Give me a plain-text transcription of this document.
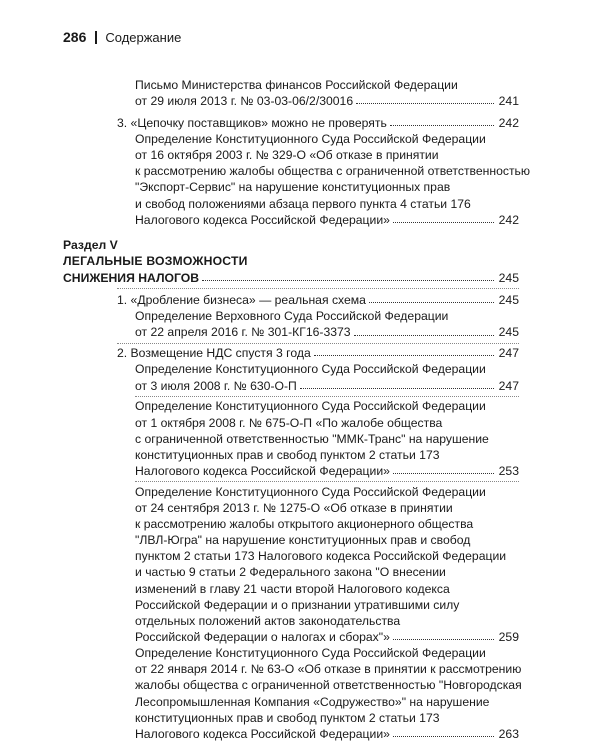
286 Содержание
Письмо Министерства финансов Российской Федерации
от 29 июля 2013 г. № 03-03-06/2/30016	241
3. «Цепочку поставщиков» можно не проверять	242
Определение Конституционного Суда Российской Федерации
от 16 октября 2003 г. № 329-О «Об отказе в принятии
к рассмотрению жалобы общества с ограниченной ответственностью
"Экспорт-Сервис" на нарушение конституционных прав
и свобод положениями абзаца первого пункта 4 статьи 176
Налогового кодекса Российской Федерации»	242
Раздел V
ЛЕГАЛЬНЫЕ ВОЗМОЖНОСТИ
СНИЖЕНИЯ НАЛОГОВ	245
1. «Дробление бизнеса» — реальная схема	245
Определение Верховного Суда Российской Федерации
от 22 апреля 2016 г. № 301-КГ16-3373	245
2. Возмещение НДС спустя 3 года	247
Определение Конституционного Суда Российской Федерации
от 3 июля 2008 г. № 630-О-П	247
Определение Конституционного Суда Российской Федерации
от 1 октября 2008 г. № 675-О-П «По жалобе общества
с ограниченной ответственностью "ММК-Транс" на нарушение
конституционных прав и свобод пунктом 2 статьи 173
Налогового кодекса Российской Федерации»	253
Определение Конституционного Суда Российской Федерации
от 24 сентября 2013 г. № 1275-О «Об отказе в принятии
к рассмотрению жалобы открытого акционерного общества
"ЛВЛ-Югра" на нарушение конституционных прав и свобод
пунктом 2 статьи 173 Налогового кодекса Российской Федерации
и частью 9 статьи 2 Федерального закона "О внесении
изменений в главу 21 части второй Налогового кодекса
Российской Федерации и о признании утратившими силу
отдельных положений актов законодательства
Российской Федерации о налогах и сборах"»	259
Определение Конституционного Суда Российской Федерации
от 22 января 2014 г. № 63-О «Об отказе в принятии к рассмотрению
жалобы общества с ограниченной ответственностью "Новгородская
Лесопромышленная Компания «Содружество»" на нарушение
конституционных прав и свобод пунктом 2 статьи 173
Налогового кодекса Российской Федерации»	263
